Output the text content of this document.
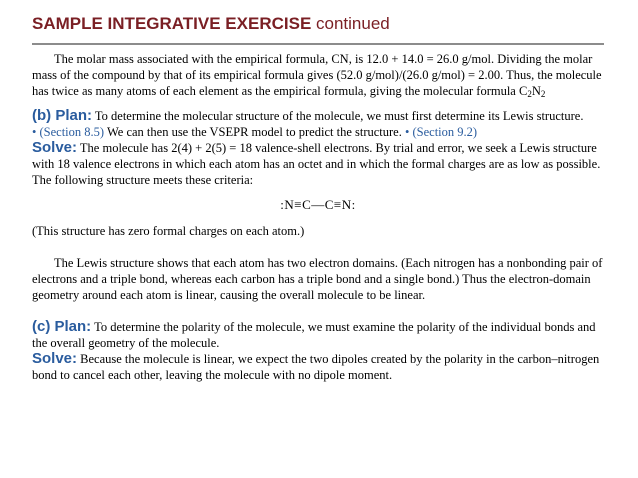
SAMPLE INTEGRATIVE EXERCISE continued

The molar mass associated with the empirical formula, CN, is 12.0 + 14.0 = 26.0 g/mol. Dividing the molar mass of the compound by that of its empirical formula gives (52.0 g/mol)/(26.0 g/mol) = 2.00. Thus, the molecule has twice as many atoms of each element as the empirical formula, giving the molecular formula $C_2N_2$

(b) Plan: To determine the molecular structure of the molecule, we must first determine its Lewis structure.
• (Section 8.5) We can then use the VSEPR model to predict the structure. • (Section 9.2)

Solve: The molecule has 2(4) + 2(5) = 18 valence-shell electrons. By trial and error, we seek a Lewis structure with 18 valence electrons in which each atom has an octet and in which the formal charges are as low as possible. The following structure meets these criteria:

:N≡C—C≡N:

(This structure has zero formal charges on each atom.)

The Lewis structure shows that each atom has two electron domains. (Each nitrogen has a nonbonding pair of electrons and a triple bond, whereas each carbon has a triple bond and a single bond.) Thus the electron-domain geometry around each atom is linear, causing the overall molecule to be linear.

(c) Plan: To determine the polarity of the molecule, we must examine the polarity of the individual bonds and the overall geometry of the molecule.

Solve: Because the molecule is linear, we expect the two dipoles created by the polarity in the carbon–nitrogen bond to cancel each other, leaving the molecule with no dipole moment.
